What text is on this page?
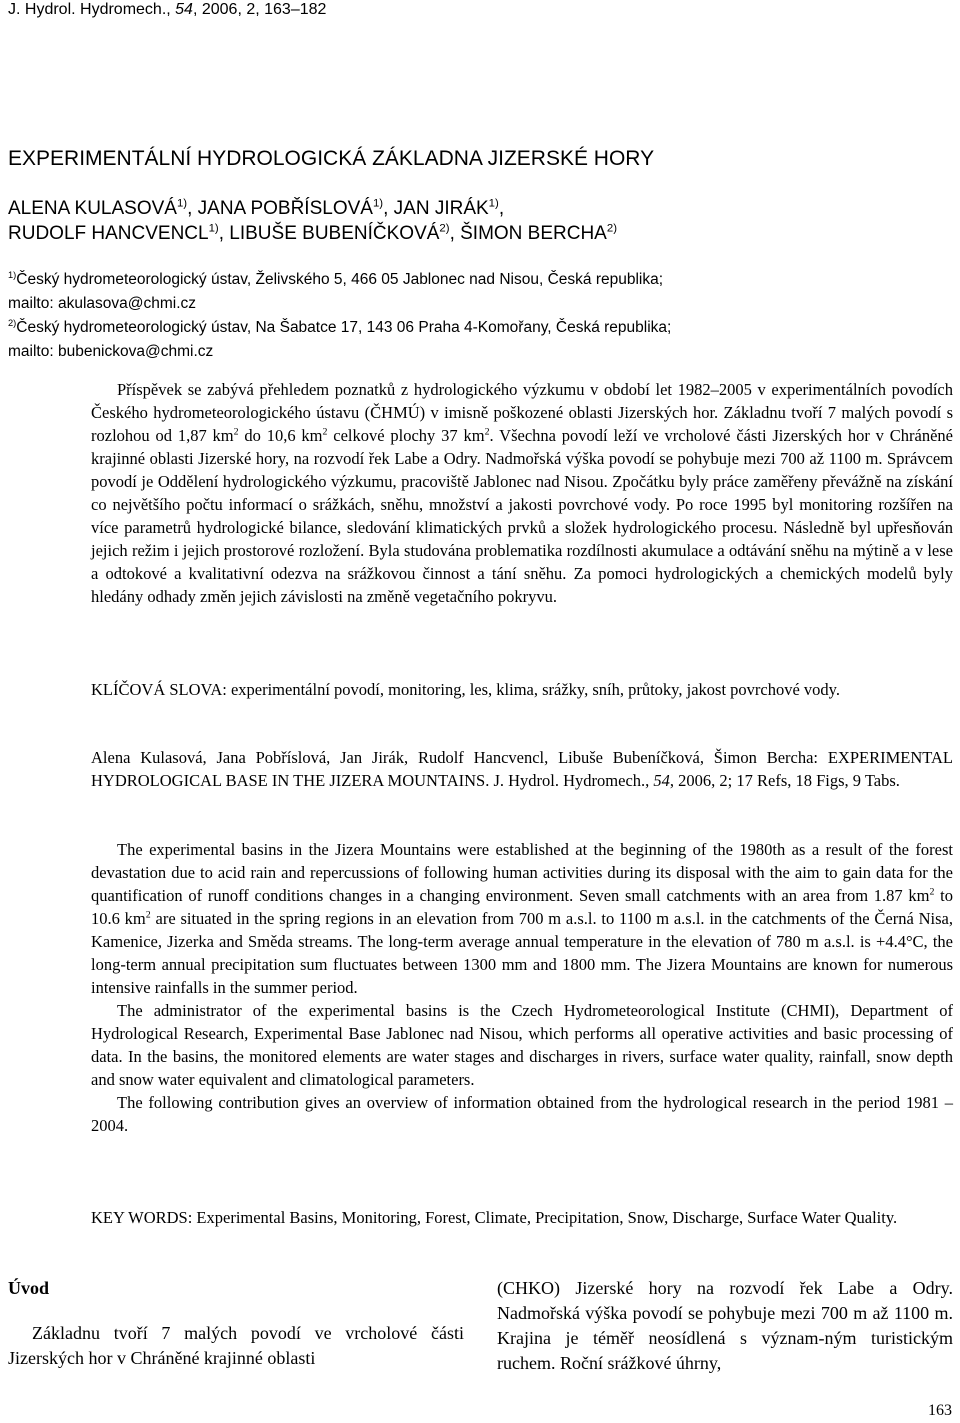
J. Hydrol. Hydromech., 54, 2006, 2, 163–182
EXPERIMENTÁLNÍ HYDROLOGICKÁ ZÁKLADNA JIZERSKÉ HORY
ALENA KULASOVÁ$^{1)}$, JANA POBŘÍSLOVÁ$^{1)}$, JAN JIRÁK$^{1)}$,
RUDOLF HANCVENCL$^{1)}$, LIBUŠE BUBENÍČKOVÁ$^{2)}$, ŠIMON BERCHA$^{2)}$
$^{1)}$Český hydrometeorologický ústav, Želivského 5, 466 05 Jablonec nad Nisou, Česká republika;
mailto: akulasova@chmi.cz
$^{2)}$Český hydrometeorologický ústav, Na Šabatce 17, 143 06 Praha 4-Komořany, Česká republika;
mailto: bubenickova@chmi.cz
Příspěvek se zabývá přehledem poznatků z hydrologického výzkumu v období let 1982–2005 v experimentálních povodích Českého hydrometeorologického ústavu (ČHMÚ) v imisně poškozené oblasti Jizerských hor. Základnu tvoří 7 malých povodí s rozlohou od 1,87 $km^2$ do 10,6 $km^2$ celkové plochy 37 $km^2$. Všechna povodí leží ve vrcholové části Jizerských hor v Chráněné krajinné oblasti Jizerské hory, na rozvodí řek Labe a Odry. Nadmořská výška povodí se pohybuje mezi 700 až 1100 m. Správcem povodí je Oddělení hydrologického výzkumu, pracoviště Jablonec nad Nisou. Zpočátku byly práce zaměřeny převážně na získání co největšího počtu informací o srážkách, sněhu, množství a jakosti povrchové vody. Po roce 1995 byl monitoring rozšířen na více parametrů hydrologické bilance, sledování klimatických prvků a složek hydrologického procesu. Následně byl upřesňován jejich režim i jejich prostorové rozložení. Byla studována problematika rozdílnosti akumulace a odtávání sněhu na mýtině a v lese a odtokové a kvalitativní odezva na srážkovou činnost a tání sněhu. Za pomoci hydrologických a chemických modelů byly hledány odhady změn jejich závislosti na změně vegetačního pokryvu.
KLÍČOVÁ SLOVA: experimentální povodí, monitoring, les, klima, srážky, sníh, průtoky, jakost povrchové vody.
Alena Kulasová, Jana Pobříslová, Jan Jirák, Rudolf Hancvencl, Libuše Bubeníčková, Šimon Bercha: EXPERIMENTAL HYDROLOGICAL BASE IN THE JIZERA MOUNTAINS. J. Hydrol. Hydromech., 54, 2006, 2; 17 Refs, 18 Figs, 9 Tabs.

The experimental basins in the Jizera Mountains were established at the beginning of the 1980th as a result of the forest devastation due to acid rain and repercussions of following human activities during its disposal with the aim to gain data for the quantification of runoff conditions changes in a changing environment. Seven small catchments with an area from 1.87 $km^2$ to 10.6 $km^2$ are situated in the spring regions in an elevation from 700 m a.s.l. to 1100 m a.s.l. in the catchments of the Černá Nisa, Kamenice, Jizerka and Směda streams. The long-term average annual temperature in the elevation of 780 m a.s.l. is +4.4°C, the long-term annual precipitation sum fluctuates between 1300 mm and 1800 mm. The Jizera Mountains are known for numerous intensive rainfalls in the summer period.

The administrator of the experimental basins is the Czech Hydrometeorological Institute (CHMI), Department of Hydrological Research, Experimental Base Jablonec nad Nisou, which performs all operative activities and basic processing of data. In the basins, the monitored elements are water stages and discharges in rivers, surface water quality, rainfall, snow depth and snow water equivalent and climatological parameters.

The following contribution gives an overview of information obtained from the hydrological research in the period 1981 – 2004.

KEY WORDS: Experimental Basins, Monitoring, Forest, Climate, Precipitation, Snow, Discharge, Surface Water Quality.
Úvod

Základnu tvoří 7 malých povodí ve vrcholové části Jizerských hor v Chráněné krajinné oblasti

(CHKO) Jizerské hory na rozvodí řek Labe a Odry. Nadmořská výška povodí se pohybuje mezi 700 m až 1100 m. Krajina je téměř neosídlená s význam-ným turistickým ruchem. Roční srážkové úhrny,
163
